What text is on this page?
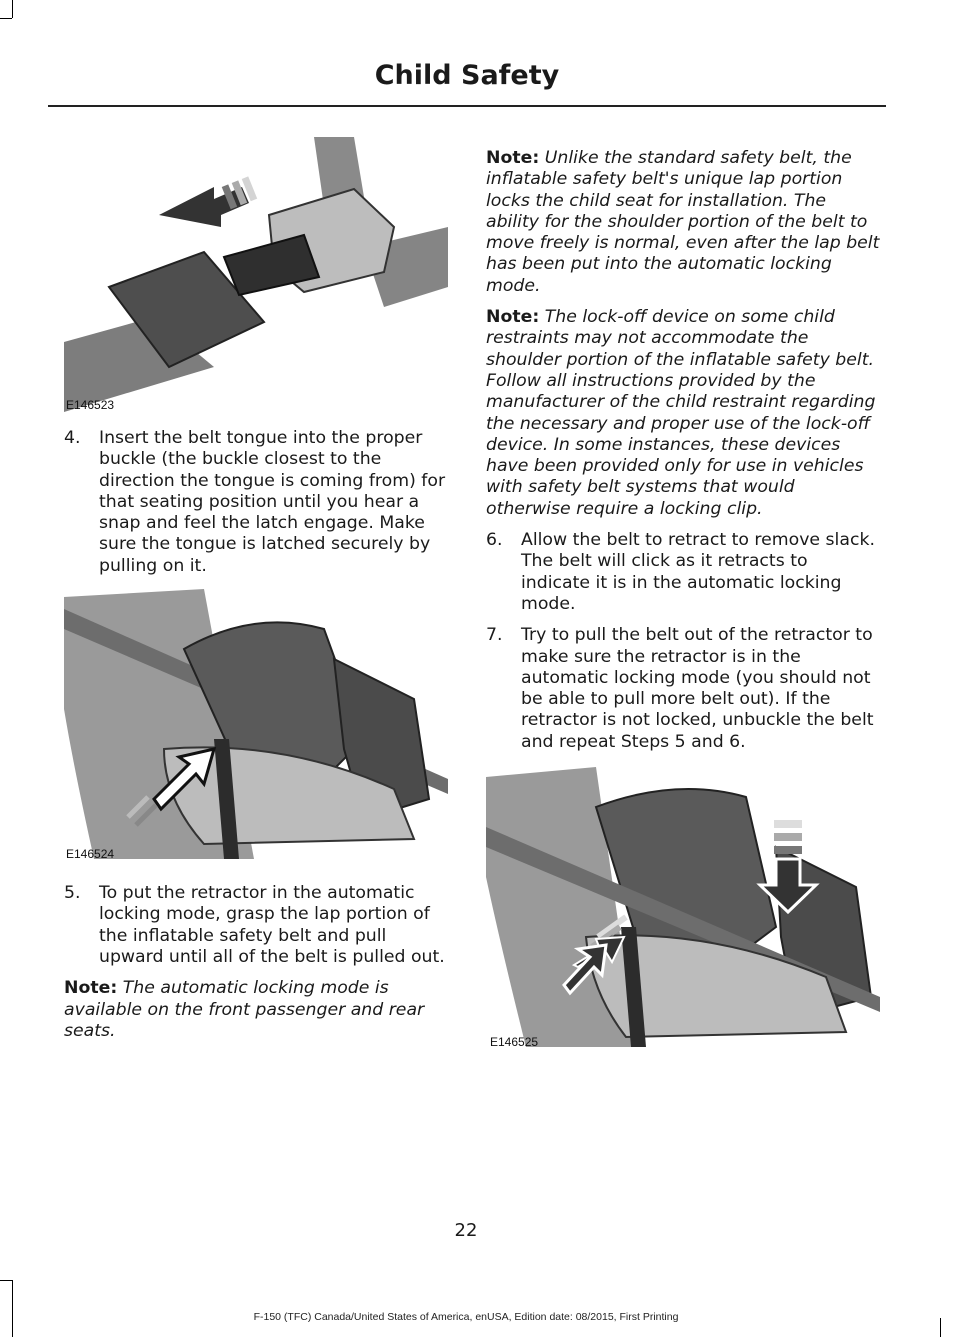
Child Safety
E146523
4.	Insert the belt tongue into the proper buckle (the buckle closest to the direction the tongue is coming from) for that seating position until you hear a snap and feel the latch engage. Make sure the tongue is latched securely by pulling on it.
E146524
5.	To put the retractor in the automatic locking mode, grasp the lap portion of the inflatable safety belt and pull upward until all of the belt is pulled out.

Note: The automatic locking mode is available on the front passenger and rear seats.

Note: Unlike the standard safety belt, the inflatable safety belt's unique lap portion locks the child seat for installation. The ability for the shoulder portion of the belt to move freely is normal, even after the lap belt has been put into the automatic locking mode.

Note: The lock-off device on some child restraints may not accommodate the shoulder portion of the inflatable safety belt. Follow all instructions provided by the manufacturer of the child restraint regarding the necessary and proper use of the lock-off device. In some instances, these devices have been provided only for use in vehicles with safety belt systems that would otherwise require a locking clip.

6.	Allow the belt to retract to remove slack. The belt will click as it retracts to indicate it is in the automatic locking mode.
7.	Try to pull the belt out of the retractor to make sure the retractor is in the automatic locking mode (you should not be able to pull more belt out). If the retractor is not locked, unbuckle the belt and repeat Steps 5 and 6.
E146525
22
F-150 (TFC) Canada/United States of America, enUSA, Edition date: 08/2015, First Printing
